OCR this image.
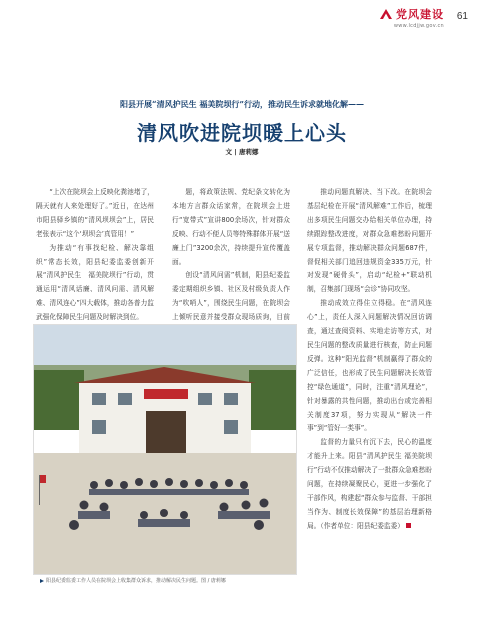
党风建设
www.lcdjjw.gov.cn
61
阳县开展“清风护民生 福美院坝行”行动，推动民生诉求就地化解——
清风吹进院坝暖上心头
文 | 唐莉娜

“上次在院坝会上反映化粪池堵了，隔天就有人来处理好了。”近日，在达州市阳县驿乡镇的“清风坝坝会”上，居民老张表示“这个‘坝坝会’真管用！”

为推动“有事找纪检、解决靠组织”常态长效，阳县纪委监委创新开展“清风护民生　福美院坝行”行动，贯通运用“清风话廉、清风问需、清风解难、清风连心”四大载体，推动各普力监武强化保障民生问题及时解决到位。

题，将政策法规、党纪条文转化为本地方言群众话家常，在院坝会上进行“宽带式”宣讲800余场次，针对群众反映、行动不便人员等特殊群体开展“送廉上门”3200余次，持续提升宣传覆盖面。

创设“清风问需”机制，阳县纪委监委定期组织乡镇、社区及村级负责人作为“吹哨人”，围绕民生问题，在院坝会上倾听民意并接受群众现场质询，目前

推动问题真解决、当下改。在院坝会基层纪检在开展“清风解难”工作后，梳理出多项民生问题交办给相关单位办理，持续跟踪整改进度，对群众急难愁盼问题开展专项监督，推动解决群众问题687件，督促相关部门追回违规资金335万元，针对发现“硬骨头”，启动“纪检+”联动机制，召集部门现场“会诊”协同攻坚。

推动成效立得住立得稳。在“清风连心”上，责任人深入问题解决情况回访调查，通过查阅资料、实地走访等方式，对民生问题的整改质量进行核查，防止问题反弹。这种“阳光监督”机制赢得了群众的广泛信任，也形成了民生问题解决长效管控“绿色通道”，同时，注重“清风理论”，针对暴露的共性问题，推动出台或完善相关制度37项，努力实现从“解决一件事”到“管好一类事”。

监督的力量只有沉下去，民心的温度才能升上来。阳县“清风护民生 福美院坝行”行动不仅推动解决了一批群众急难愁盼问题，在持续凝聚民心，更进一步强化了干部作风，构建起“群众参与监督、干部担当作为、制度长效保障”的基层治理新格局。（作者单位：阳县纪委监委）

阳县纪委监委工作人员在院坝会上收集群众诉求，推动解决民生问题。图 / 唐莉娜
